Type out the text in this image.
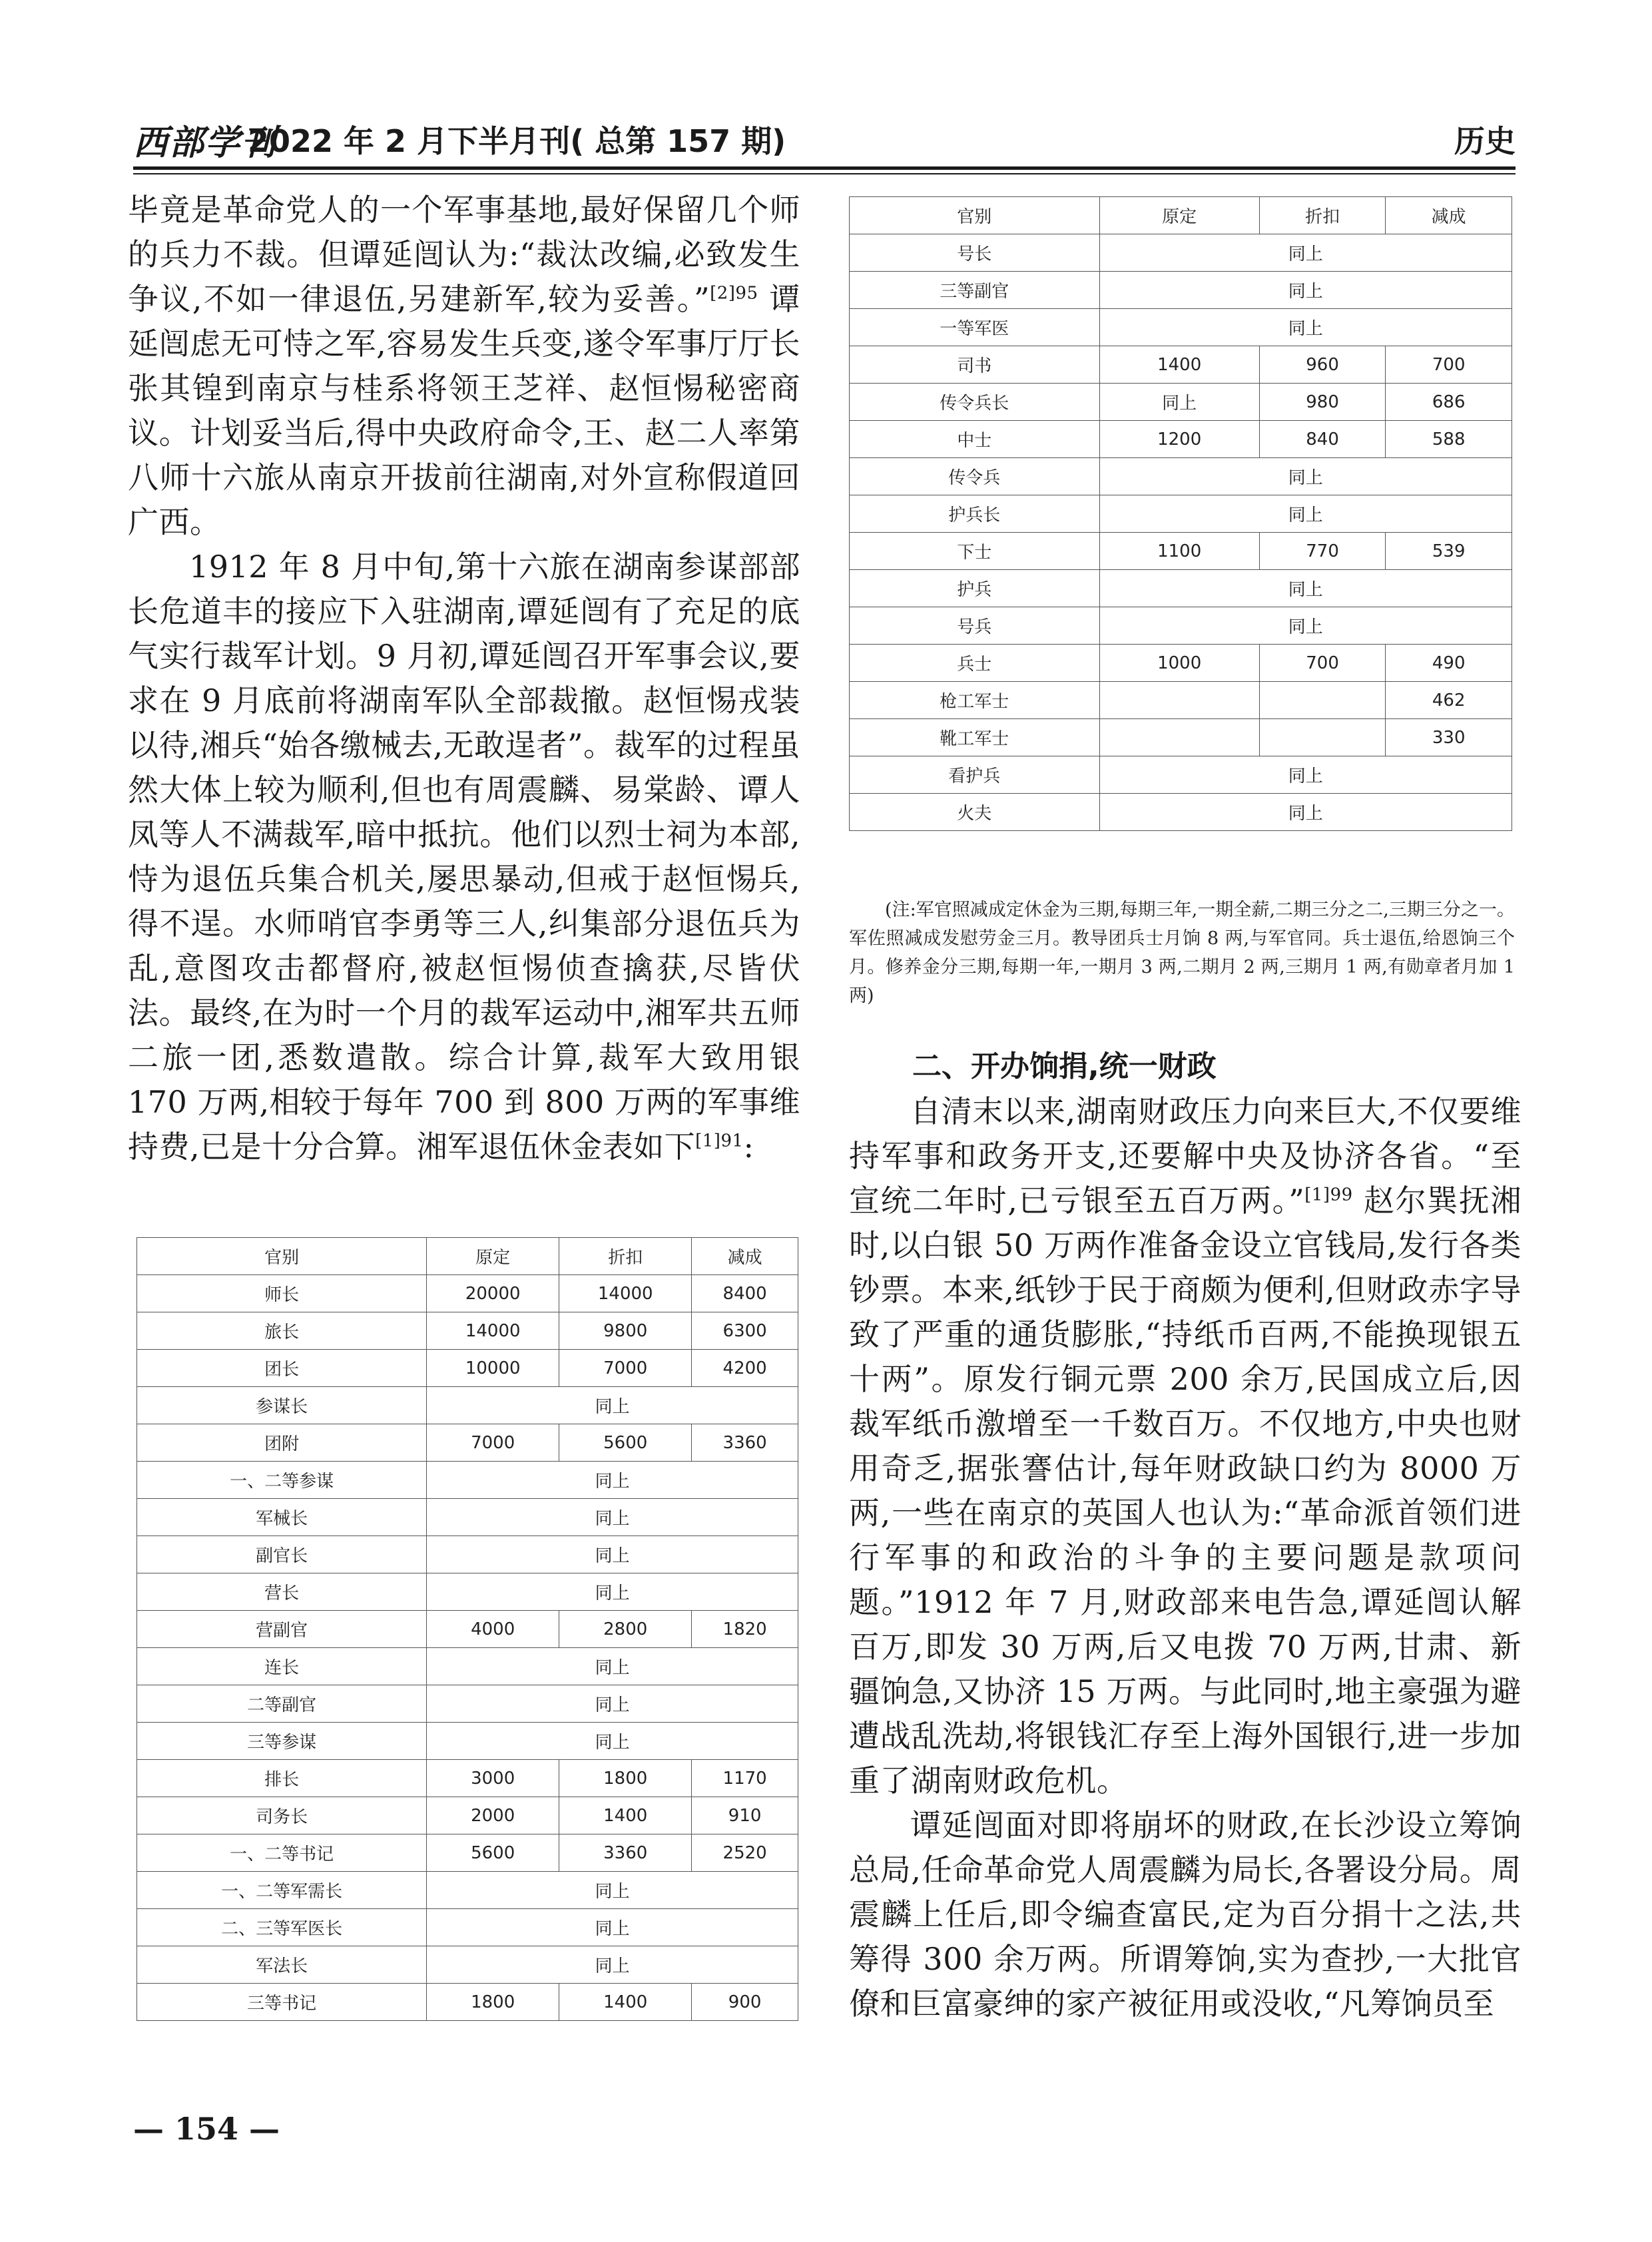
西部学刊
2022 年 2 月下半月刊( 总第 157 期)	历史

毕竟是革命党人的一个军事基地,最好保留几个师的兵力不裁。但谭延闿认为:“裁汰改编,必致发生争议,不如一律退伍,另建新军,较为妥善。”$^{[2]95}$ 谭延闿虑无可恃之军,容易发生兵变,遂令军事厅厅长张其锽到南京与桂系将领王芝祥、赵恒惕秘密商议。计划妥当后,得中央政府命令,王、赵二人率第八师十六旅从南京开拔前往湖南,对外宣称假道回广西。

1912 年 8 月中旬,第十六旅在湖南参谋部部长危道丰的接应下入驻湖南,谭延闿有了充足的底气实行裁军计划。9 月初,谭延闿召开军事会议,要求在 9 月底前将湖南军队全部裁撤。赵恒惕戎装以待,湘兵“始各缴械去,无敢逞者”。裁军的过程虽然大体上较为顺利,但也有周震麟、易棠龄、谭人凤等人不满裁军,暗中抵抗。他们以烈士祠为本部,恃为退伍兵集合机关,屡思暴动,但戒于赵恒惕兵,得不逞。水师哨官李勇等三人,纠集部分退伍兵为乱,意图攻击都督府,被赵恒惕侦查擒获,尽皆伏法。最终,在为时一个月的裁军运动中,湘军共五师二旅一团,悉数遣散。综合计算,裁军大致用银 170 万两,相较于每年 700 到 800 万两的军事维持费,已是十分合算。湘军退伍休金表如下$^{[1]91}$:

官别	原定	折扣	减成
师长	20000	14000	8400
旅长	14000	9800	6300
团长	10000	7000	4200
参谋长	同上		
团附	7000	5600	3360
一、二等参谋	同上		
军械长	同上		
副官长	同上		
营长	同上		
营副官	4000	2800	1820
连长	同上		
二等副官	同上		
三等参谋	同上		
排长	3000	1800	1170
司务长	2000	1400	910
一、二等书记	5600	3360	2520
一、二等军需长	同上		
二、三等军医长	同上		
军法长	同上		
三等书记	1800	1400	900
官别	原定	折扣	减成
号长	同上		
三等副官	同上		
一等军医	同上		
司书	1400	960	700
传令兵长	同上	980	686
中士	1200	840	588
传令兵	同上		
护兵长	同上		
下士	1100	770	539
护兵	同上		
号兵	同上		
兵士	1000	700	490
枪工军士			462
靴工军士			330
看护兵	同上		
火夫	同上		
(注:军官照减成定休金为三期,每期三年,一期全薪,二期三分之二,三期三分之一。军佐照减成发慰劳金三月。教导团兵士月饷 8 两,与军官同。兵士退伍,给恩饷三个月。修养金分三期,每期一年,一期月 3 两,二期月 2 两,三期月 1 两,有勋章者月加 1 两)
二、开办饷捐,统一财政

自清末以来,湖南财政压力向来巨大,不仅要维持军事和政务开支,还要解中央及协济各省。“至宣统二年时,已亏银至五百万两。”$^{[1]99}$ 赵尔巽抚湘时,以白银 50 万两作准备金设立官钱局,发行各类钞票。本来,纸钞于民于商颇为便利,但财政赤字导致了严重的通货膨胀,“持纸币百两,不能换现银五十两”。原发行铜元票 200 余万,民国成立后,因裁军纸币激增至一千数百万。不仅地方,中央也财用奇乏,据张謇估计,每年财政缺口约为 8000 万两,一些在南京的英国人也认为:“革命派首领们进行军事的和政治的斗争的主要问题是款项问题。”1912 年 7 月,财政部来电告急,谭延闿认解百万,即发 30 万两,后又电拨 70 万两,甘肃、新疆饷急,又协济 15 万两。与此同时,地主豪强为避遭战乱洗劫,将银钱汇存至上海外国银行,进一步加重了湖南财政危机。

谭延闿面对即将崩坏的财政,在长沙设立筹饷总局,任命革命党人周震麟为局长,各署设分局。周震麟上任后,即令编查富民,定为百分捐十之法,共筹得 300 余万两。所谓筹饷,实为查抄,一大批官僚和巨富豪绅的家产被征用或没收,“凡筹饷员至

— 154 —
